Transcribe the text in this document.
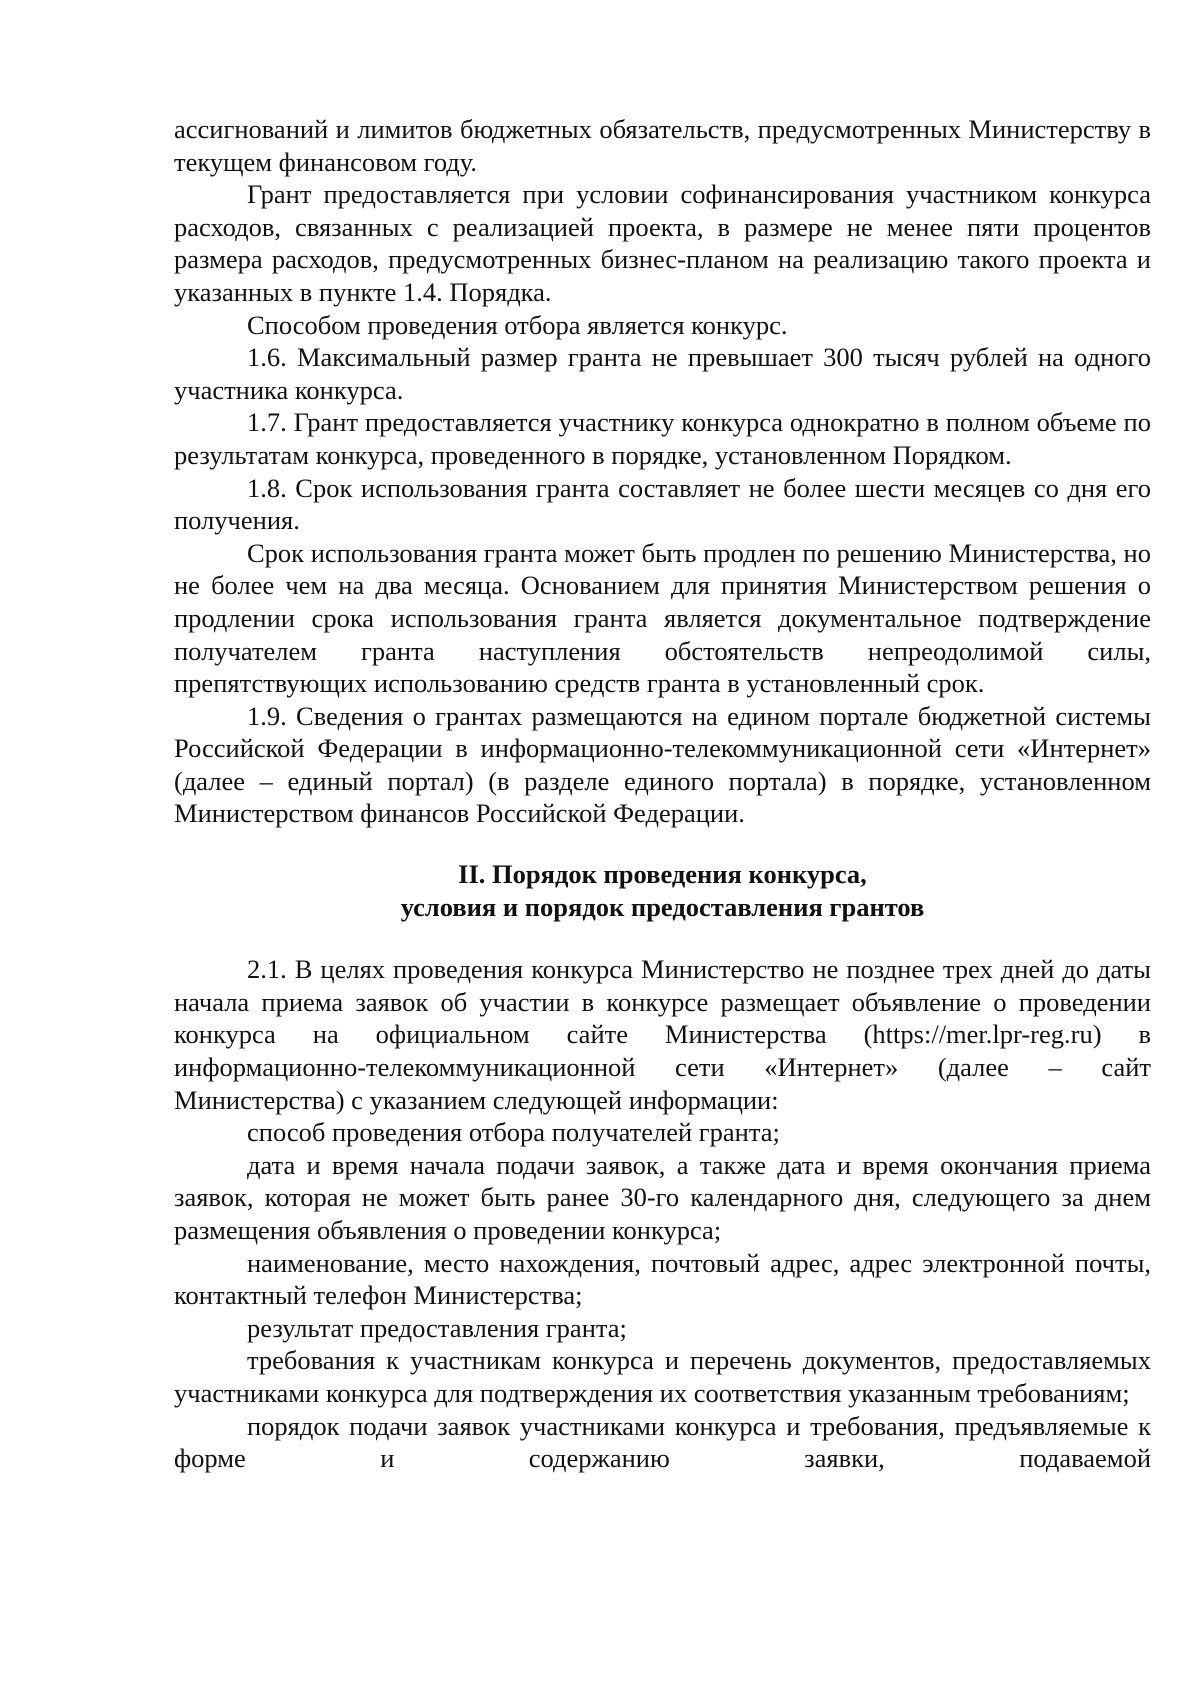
ассигнований и лимитов бюджетных обязательств, предусмотренных Министерству в текущем финансовом году.

Грант предоставляется при условии софинансирования участником конкурса расходов, связанных с реализацией проекта, в размере не менее пяти процентов размера расходов, предусмотренных бизнес-планом на реализацию такого проекта и указанных в пункте 1.4. Порядка.

Способом проведения отбора является конкурс.

1.6. Максимальный размер гранта не превышает 300 тысяч рублей на одного участника конкурса.

1.7. Грант предоставляется участнику конкурса однократно в полном объеме по результатам конкурса, проведенного в порядке, установленном Порядком.

1.8. Срок использования гранта составляет не более шести месяцев со дня его получения.

Срок использования гранта может быть продлен по решению Министерства, но не более чем на два месяца. Основанием для принятия Министерством решения о продлении срока использования гранта является документальное подтверждение получателем гранта наступления обстоятельств непреодолимой силы, препятствующих использованию средств гранта в установленный срок.

1.9. Сведения о грантах размещаются на едином портале бюджетной системы Российской Федерации в информационно-телекоммуникационной сети «Интернет» (далее – единый портал) (в разделе единого портала) в порядке, установленном Министерством финансов Российской Федерации.

II. Порядок проведения конкурса,
условия и порядок предоставления грантов

2.1. В целях проведения конкурса Министерство не позднее трех дней до даты начала приема заявок об участии в конкурсе размещает объявление о проведении конкурса на официальном сайте Министерства (https://mer.lpr-reg.ru) в информационно-телекоммуникационной сети «Интернет» (далее – сайт Министерства) с указанием следующей информации:

способ проведения отбора получателей гранта;

дата и время начала подачи заявок, а также дата и время окончания приема заявок, которая не может быть ранее 30-го календарного дня, следующего за днем размещения объявления о проведении конкурса;

наименование, место нахождения, почтовый адрес, адрес электронной почты, контактный телефон Министерства;

результат предоставления гранта;

требования к участникам конкурса и перечень документов, предоставляемых участниками конкурса для подтверждения их соответствия указанным требованиям;

порядок подачи заявок участниками конкурса и требования, предъявляемые к форме и содержанию заявки, подаваемой
